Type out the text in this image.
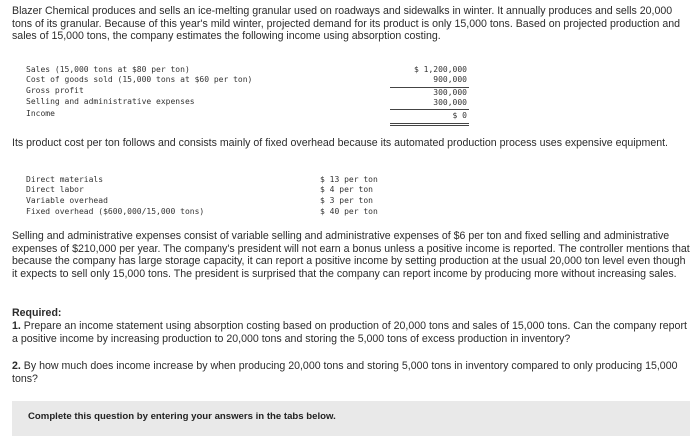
Blazer Chemical produces and sells an ice-melting granular used on roadways and sidewalks in winter. It annually produces and sells 20,000 tons of its granular. Because of this year's mild winter, projected demand for its product is only 15,000 tons. Based on projected production and sales of 15,000 tons, the company estimates the following income using absorption costing.

Sales (15,000 tons at $80 per ton)	$ 1,200,000
Cost of goods sold (15,000 tons at $60 per ton)	900,000
Gross profit	300,000
Selling and administrative expenses	300,000
Income	$ 0

Its product cost per ton follows and consists mainly of fixed overhead because its automated production process uses expensive equipment.

Direct materials	$ 13 per ton
Direct labor	$ 4 per ton
Variable overhead	$ 3 per ton
Fixed overhead ($600,000/15,000 tons)	$ 40 per ton

Selling and administrative expenses consist of variable selling and administrative expenses of $6 per ton and fixed selling and administrative expenses of $210,000 per year. The company's president will not earn a bonus unless a positive income is reported. The controller mentions that because the company has large storage capacity, it can report a positive income by setting production at the usual 20,000 ton level even though it expects to sell only 15,000 tons. The president is surprised that the company can report income by producing more without increasing sales.

Required:

1. Prepare an income statement using absorption costing based on production of 20,000 tons and sales of 15,000 tons. Can the company report a positive income by increasing production to 20,000 tons and storing the 5,000 tons of excess production in inventory?

2. By how much does income increase by when producing 20,000 tons and storing 5,000 tons in inventory compared to only producing 15,000 tons?

Complete this question by entering your answers in the tabs below.
